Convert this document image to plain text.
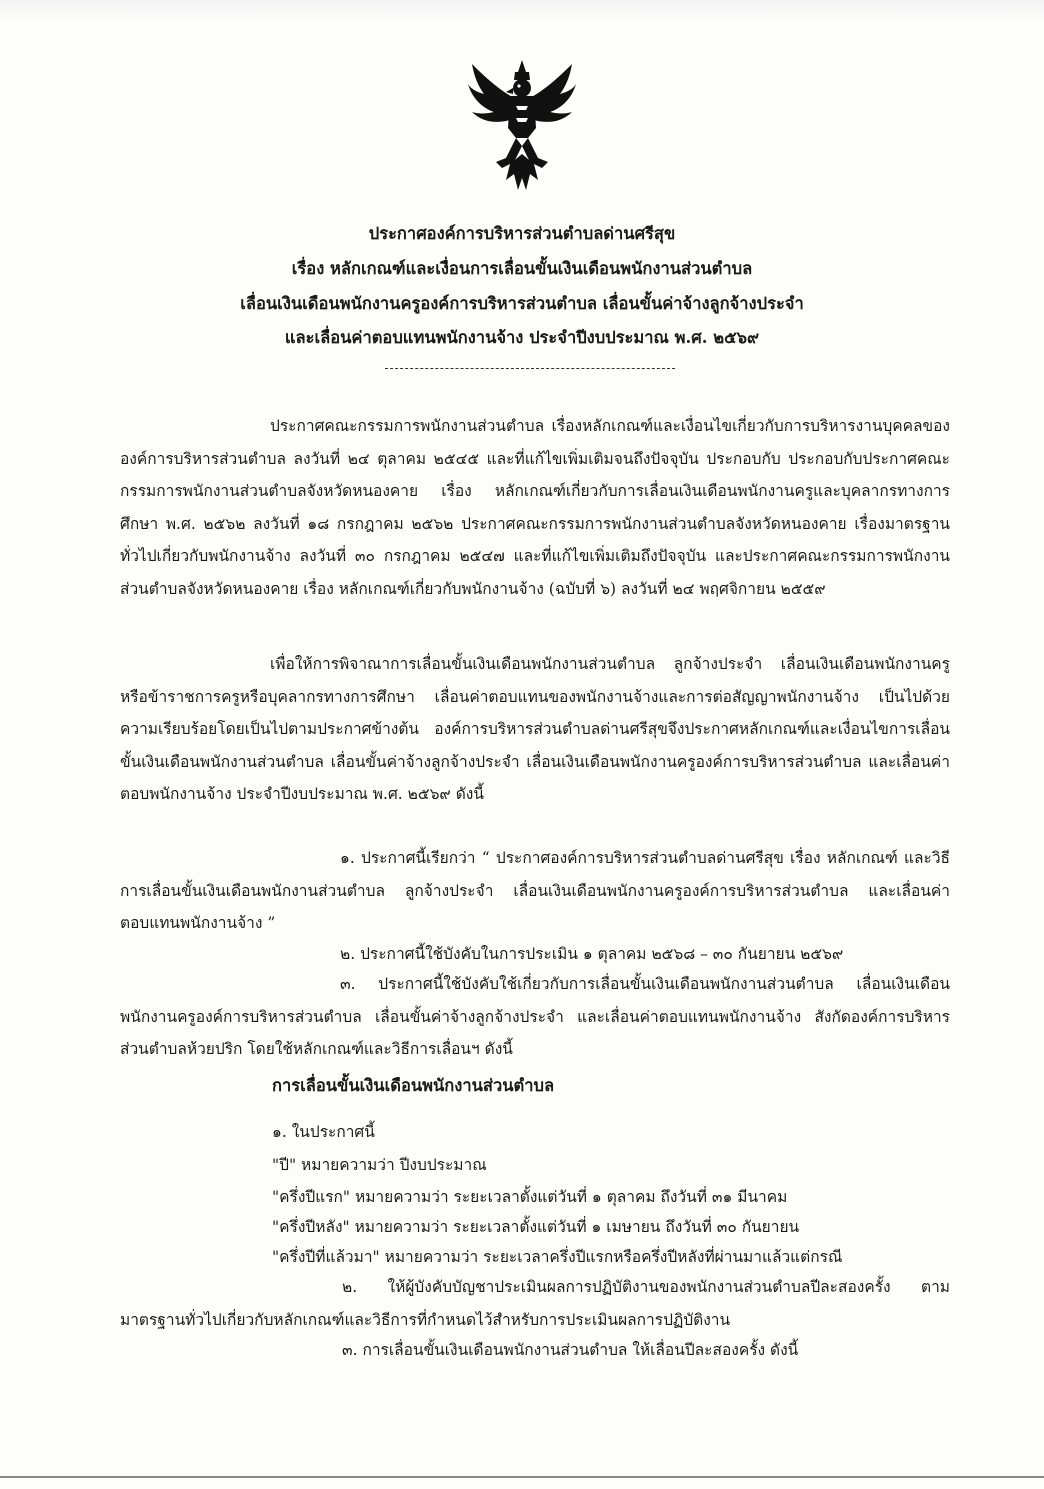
ประกาศองค์การบริหารส่วนตำบลด่านศรีสุข
เรื่อง หลักเกณฑ์และเงื่อนการเลื่อนขั้นเงินเดือนพนักงานส่วนตำบล
เลื่อนเงินเดือนพนักงานครูองค์การบริหารส่วนตำบล เลื่อนขั้นค่าจ้างลูกจ้างประจำ
และเลื่อนค่าตอบแทนพนักงานจ้าง ประจำปีงบประมาณ พ.ศ. ๒๕๖๙
ประกาศคณะกรรมการพนักงานส่วนตำบล เรื่องหลักเกณฑ์และเงื่อนไขเกี่ยวกับการบริหารงานบุคคลขององค์การบริหารส่วนตำบล ลงวันที่ ๒๔ ตุลาคม ๒๕๔๕ และที่แก้ไขเพิ่มเติมจนถึงปัจจุบัน ประกอบกับ ประกอบกับประกาศคณะกรรมการพนักงานส่วนตำบลจังหวัดหนองคาย เรื่อง หลักเกณฑ์เกี่ยวกับการเลื่อนเงินเดือนพนักงานครูและบุคลากรทางการศึกษา พ.ศ. ๒๕๖๒ ลงวันที่ ๑๘ กรกฎาคม ๒๕๖๒ ประกาศคณะกรรมการพนักงานส่วนตำบลจังหวัดหนองคาย เรื่องมาตรฐานทั่วไปเกี่ยวกับพนักงานจ้าง ลงวันที่ ๓๐ กรกฎาคม ๒๕๔๗ และที่แก้ไขเพิ่มเติมถึงปัจจุบัน และประกาศคณะกรรมการพนักงานส่วนตำบลจังหวัดหนองคาย เรื่อง หลักเกณฑ์เกี่ยวกับพนักงานจ้าง (ฉบับที่ ๖) ลงวันที่ ๒๔ พฤศจิกายน ๒๕๕๙
เพื่อให้การพิจาณาการเลื่อนขั้นเงินเดือนพนักงานส่วนตำบล ลูกจ้างประจำ เลื่อนเงินเดือนพนักงานครูหรือข้าราชการครูหรือบุคลากรทางการศึกษา เลื่อนค่าตอบแทนของพนักงานจ้างและการต่อสัญญาพนักงานจ้าง เป็นไปด้วยความเรียบร้อยโดยเป็นไปตามประกาศข้างต้น องค์การบริหารส่วนตำบลด่านศรีสุขจึงประกาศหลักเกณฑ์และเงื่อนไขการเลื่อนขั้นเงินเดือนพนักงานส่วนตำบล เลื่อนขั้นค่าจ้างลูกจ้างประจำ เลื่อนเงินเดือนพนักงานครูองค์การบริหารส่วนตำบล และเลื่อนค่าตอบพนักงานจ้าง ประจำปีงบประมาณ พ.ศ. ๒๕๖๙ ดังนี้
๑. ประกาศนี้เรียกว่า “ ประกาศองค์การบริหารส่วนตำบลด่านศรีสุข เรื่อง หลักเกณฑ์ และวิธีการเลื่อนขั้นเงินเดือนพนักงานส่วนตำบล ลูกจ้างประจำ เลื่อนเงินเดือนพนักงานครูองค์การบริหารส่วนตำบล และเลื่อนค่าตอบแทนพนักงานจ้าง ”
๒. ประกาศนี้ใช้บังคับในการประเมิน ๑ ตุลาคม ๒๕๖๘ – ๓๐ กันยายน ๒๕๖๙
๓. ประกาศนี้ใช้บังคับใช้เกี่ยวกับการเลื่อนขั้นเงินเดือนพนักงานส่วนตำบล เลื่อนเงินเดือนพนักงานครูองค์การบริหารส่วนตำบล เลื่อนขั้นค่าจ้างลูกจ้างประจำ และเลื่อนค่าตอบแทนพนักงานจ้าง สังกัดองค์การบริหารส่วนตำบลห้วยปริก โดยใช้หลักเกณฑ์และวิธีการเลื่อนฯ ดังนี้
การเลื่อนขั้นเงินเดือนพนักงานส่วนตำบล
๑. ในประกาศนี้
"ปี" หมายความว่า ปีงบประมาณ
"ครึ่งปีแรก" หมายความว่า ระยะเวลาตั้งแต่วันที่ ๑ ตุลาคม ถึงวันที่ ๓๑ มีนาคม
"ครึ่งปีหลัง" หมายความว่า ระยะเวลาตั้งแต่วันที่ ๑ เมษายน ถึงวันที่ ๓๐ กันยายน
"ครึ่งปีที่แล้วมา" หมายความว่า ระยะเวลาครึ่งปีแรกหรือครึ่งปีหลังที่ผ่านมาแล้วแต่กรณี
๒. ให้ผู้บังคับบัญชาประเมินผลการปฏิบัติงานของพนักงานส่วนตำบลปีละสองครั้ง ตามมาตรฐานทั่วไปเกี่ยวกับหลักเกณฑ์และวิธีการที่กำหนดไว้สำหรับการประเมินผลการปฏิบัติงาน
๓. การเลื่อนขั้นเงินเดือนพนักงานส่วนตำบล ให้เลื่อนปีละสองครั้ง ดังนี้
